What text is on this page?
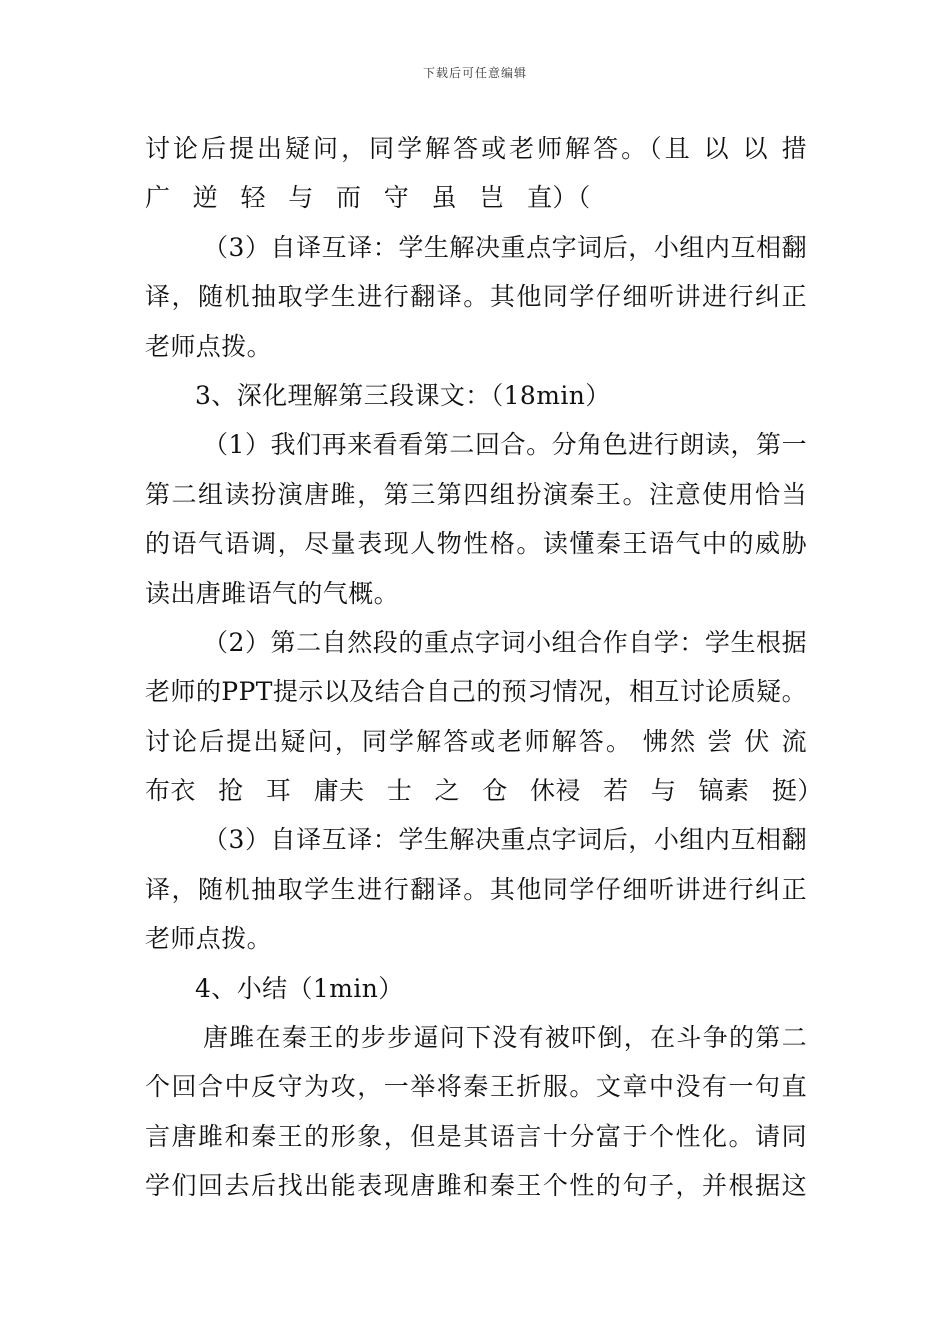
下载后可任意编辑
讨论后提出疑问，同学解答或老师解答。（且 以 以 措
广 逆 轻 与 而 守 虽 岂 直）（
（3）自译互译：学生解决重点字词后，小组内互相翻
译，随机抽取学生进行翻译。其他同学仔细听讲进行纠正
老师点拨。
3、深化理解第三段课文：（18min）
（1）我们再来看看第二回合。分角色进行朗读，第一
第二组读扮演唐雎，第三第四组扮演秦王。注意使用恰当
的语气语调，尽量表现人物性格。读懂秦王语气中的威胁
读出唐雎语气的气概。
（2）第二自然段的重点字词小组合作自学：学生根据
老师的PPT提示以及结合自己的预习情况，相互讨论质疑。
讨论后提出疑问，同学解答或老师解答。 怫然 尝 伏 流
布衣 抢 耳 庸夫 士 之 仓 休祲 若 与 镐素 挺）
（3）自译互译：学生解决重点字词后，小组内互相翻
译，随机抽取学生进行翻译。其他同学仔细听讲进行纠正
老师点拨。
4、小结（1min）
唐雎在秦王的步步逼问下没有被吓倒，在斗争的第二
个回合中反守为攻，一举将秦王折服。文章中没有一句直
言唐雎和秦王的形象，但是其语言十分富于个性化。请同
学们回去后找出能表现唐雎和秦王个性的句子，并根据这
